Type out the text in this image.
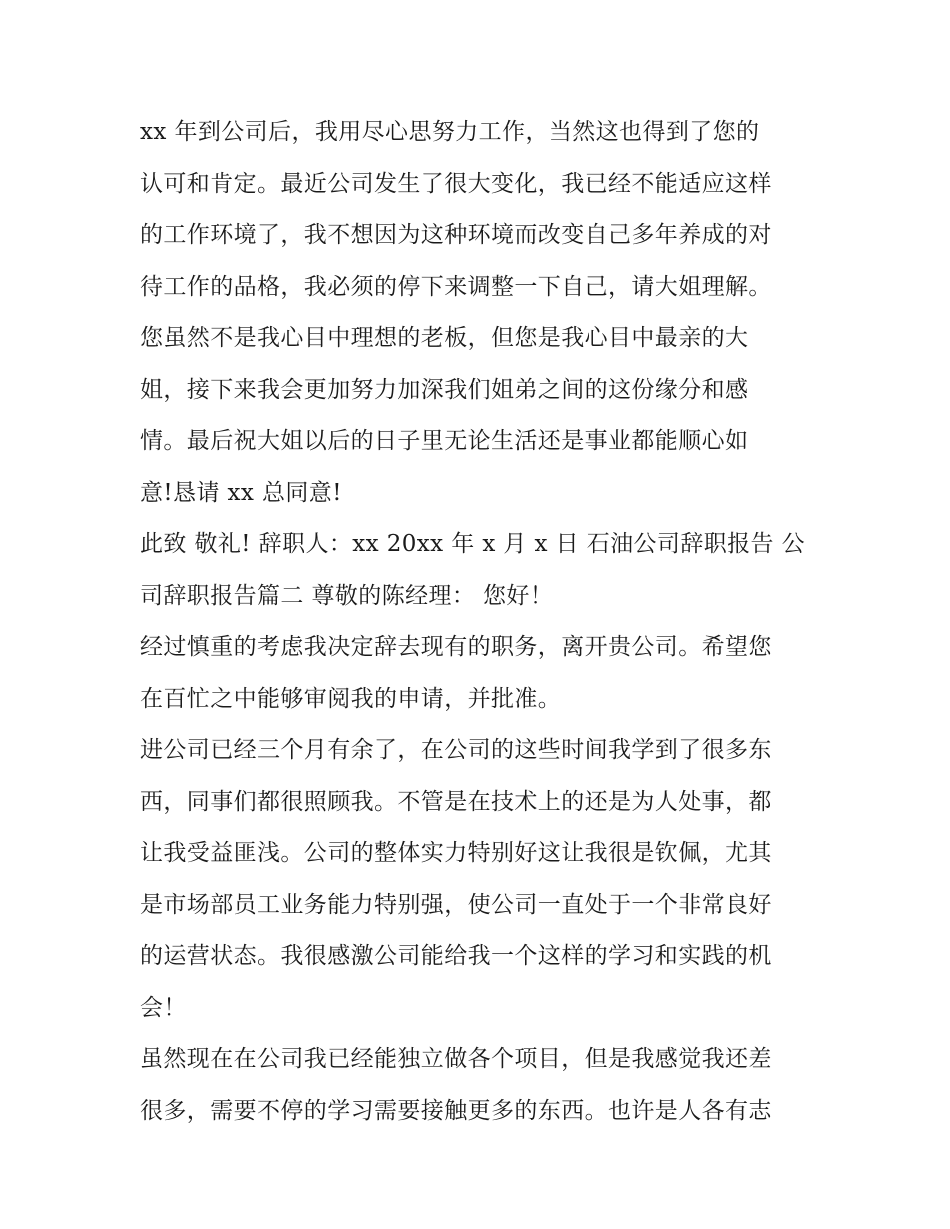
xx 年到公司后，我用尽心思努力工作，当然这也得到了您的
认可和肯定。最近公司发生了很大变化，我已经不能适应这样
的工作环境了，我不想因为这种环境而改变自己多年养成的对
待工作的品格，我必须的停下来调整一下自己，请大姐理解。
您虽然不是我心目中理想的老板，但您是我心目中最亲的大
姐，接下来我会更加努力加深我们姐弟之间的这份缘分和感
情。最后祝大姐以后的日子里无论生活还是事业都能顺心如
意!恳请 xx 总同意!
此致 敬礼! 辞职人：xx 20xx 年 x 月 x 日 石油公司辞职报告 公
司辞职报告篇二 尊敬的陈经理： 您好！
经过慎重的考虑我决定辞去现有的职务，离开贵公司。希望您
在百忙之中能够审阅我的申请，并批准。
进公司已经三个月有余了，在公司的这些时间我学到了很多东
西，同事们都很照顾我。不管是在技术上的还是为人处事，都
让我受益匪浅。公司的整体实力特别好这让我很是钦佩，尤其
是市场部员工业务能力特别强，使公司一直处于一个非常良好
的运营状态。我很感激公司能给我一个这样的学习和实践的机
会！
虽然现在在公司我已经能独立做各个项目，但是我感觉我还差
很多，需要不停的学习需要接触更多的东西。也许是人各有志
